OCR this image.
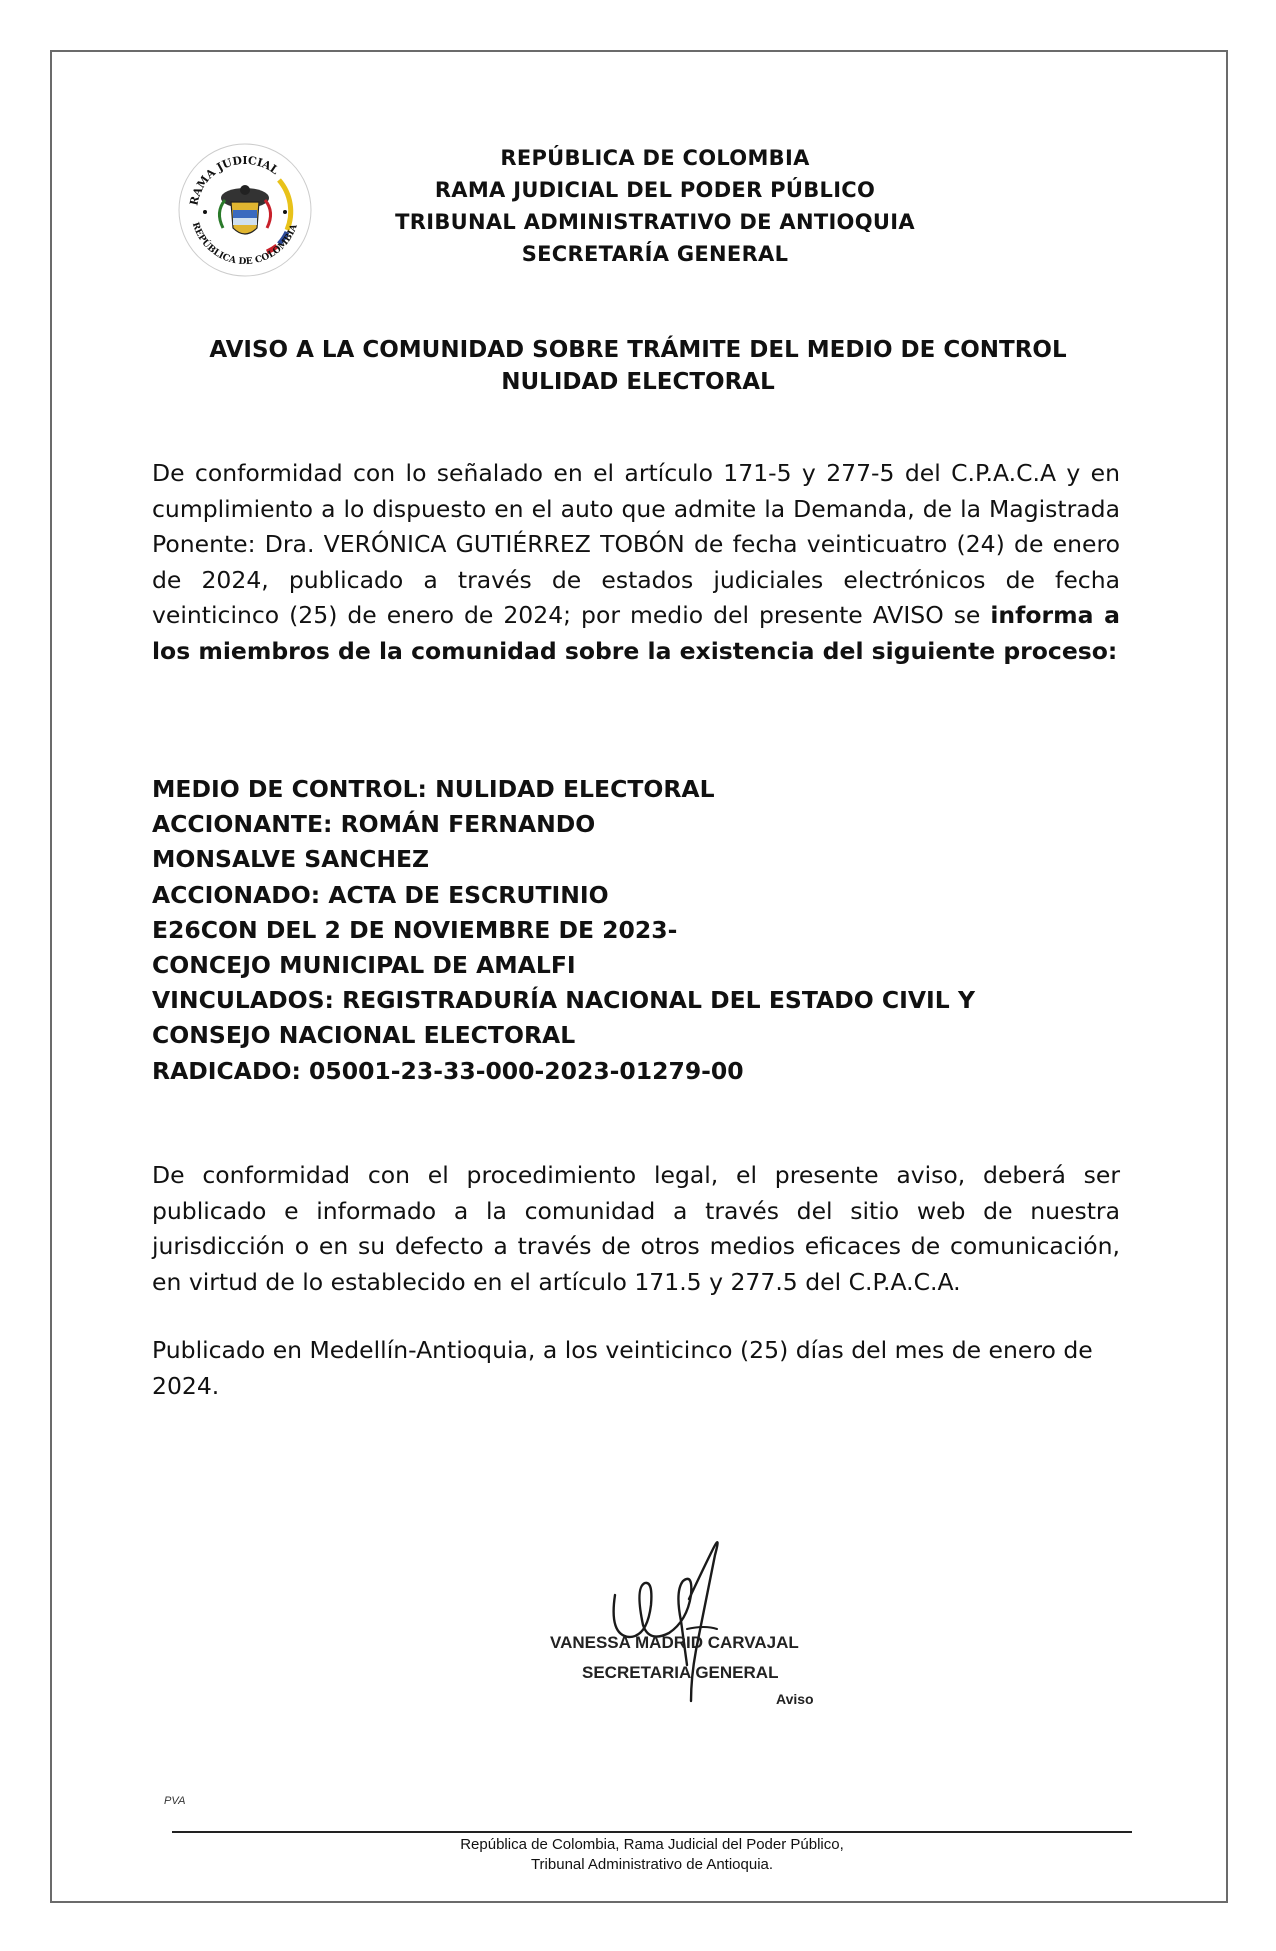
RAMA JUDICIAL
REPÚBLICA DE COLOMBIA
REPÚBLICA DE COLOMBIA
RAMA JUDICIAL DEL PODER PÚBLICO
TRIBUNAL ADMINISTRATIVO DE ANTIOQUIA
SECRETARÍA GENERAL
AVISO A LA COMUNIDAD SOBRE TRÁMITE DEL MEDIO DE CONTROL
NULIDAD ELECTORAL
De conformidad con lo señalado en el artículo 171-5 y 277-5 del C.P.A.C.A y en cumplimiento a lo dispuesto en el auto que admite la Demanda, de la Magistrada Ponente: Dra. VERÓNICA GUTIÉRREZ TOBÓN de fecha veinticuatro (24) de enero de 2024, publicado a través de estados judiciales electrónicos de fecha veinticinco (25) de enero de 2024; por medio del presente AVISO se informa a los miembros de la comunidad sobre la existencia del siguiente proceso:
MEDIO DE CONTROL: NULIDAD ELECTORAL
ACCIONANTE: ROMÁN FERNANDO
MONSALVE SANCHEZ
ACCIONADO: ACTA DE ESCRUTINIO
E26CON DEL 2 DE NOVIEMBRE DE 2023-
CONCEJO MUNICIPAL DE AMALFI
VINCULADOS: REGISTRADURÍA NACIONAL DEL ESTADO CIVIL Y
CONSEJO NACIONAL ELECTORAL
RADICADO: 05001-23-33-000-2023-01279-00
De conformidad con el procedimiento legal, el presente aviso, deberá ser publicado e informado a la comunidad a través del sitio web de nuestra jurisdicción o en su defecto a través de otros medios eficaces de comunicación, en virtud de lo establecido en el artículo 171.5 y 277.5 del C.P.A.C.A.
Publicado en Medellín-Antioquia, a los veinticinco (25) días del mes de enero de 2024.
VANESSA MADRID CARVAJAL
SECRETARIA GENERAL
Aviso
PVA
República de Colombia, Rama Judicial del Poder Público,
Tribunal Administrativo de Antioquia.
